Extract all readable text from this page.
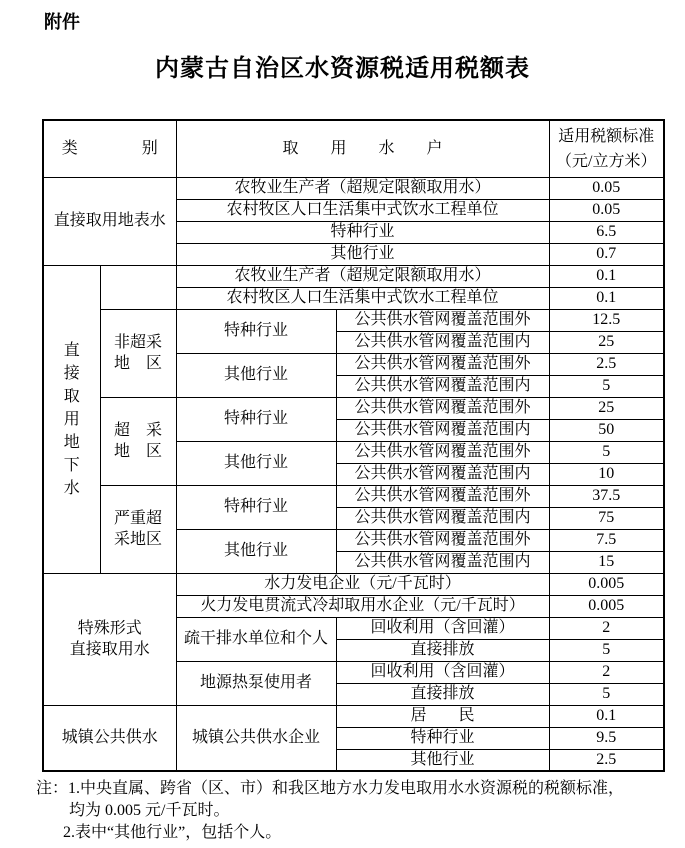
附件
内蒙古自治区水资源税适用税额表
类　　　　别		取　　用　　水　　户		适用税额标准
（元/立方米）

直接取用地表水		农牧业生产者（超规定限额取用水）		0.05
		农村牧区人口生活集中式饮水工程单位		0.05
		特种行业		6.5
		其他行业		0.7

直接取用地下水		农牧业生产者（超规定限额取用水）		0.1
		农村牧区人口生活集中式饮水工程单位		0.1

	非超采
地　区	特种行业	公共供水管网覆盖范围外	12.5
			公共供水管网覆盖范围内	25
		其他行业	公共供水管网覆盖范围外	2.5
			公共供水管网覆盖范围内	5

	超　采
地　区	特种行业	公共供水管网覆盖范围外	25
			公共供水管网覆盖范围内	50
		其他行业	公共供水管网覆盖范围外	5
			公共供水管网覆盖范围内	10

	严重超
采地区	特种行业	公共供水管网覆盖范围外	37.5
			公共供水管网覆盖范围内	75
		其他行业	公共供水管网覆盖范围外	7.5
			公共供水管网覆盖范围内	15

特殊形式
直接取用水		水力发电企业（元/千瓦时）		0.005
		火力发电贯流式冷却取用水企业（元/千瓦时）		0.005
		疏干排水单位和个人	回收利用（含回灌）	2
			直接排放	5
		地源热泵使用者	回收利用（含回灌）	2
			直接排放	5
城镇公共供水		城镇公共供水企业	居　　民	0.1
			特种行业	9.5
			其他行业	2.5
注：1.中央直属、跨省（区、市）和我区地方水力发电取用水水资源税的税额标准，
均为 0.005 元/千瓦时。
2.表中“其他行业”，包括个人。
